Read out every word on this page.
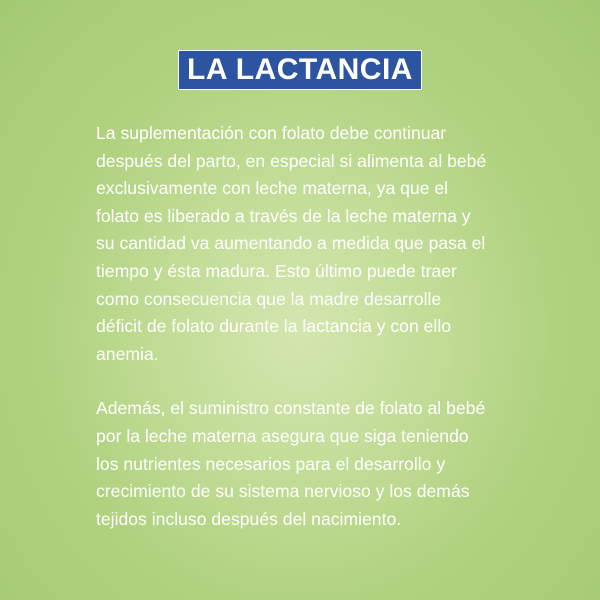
LA LACTANCIA

La suplementación con folato debe continuar
después del parto, en especial si alimenta al bebé
exclusivamente con leche materna, ya que el
folato es liberado a través de la leche materna y
su cantidad va aumentando a medida que pasa el
tiempo y ésta madura. Esto último puede traer
como consecuencia que la madre desarrolle
déficit de folato durante la lactancia y con ello
anemia.

Además, el suministro constante de folato al bebé
por la leche materna asegura que siga teniendo
los nutrientes necesarios para el desarrollo y
crecimiento de su sistema nervioso y los demás
tejidos incluso después del nacimiento.
